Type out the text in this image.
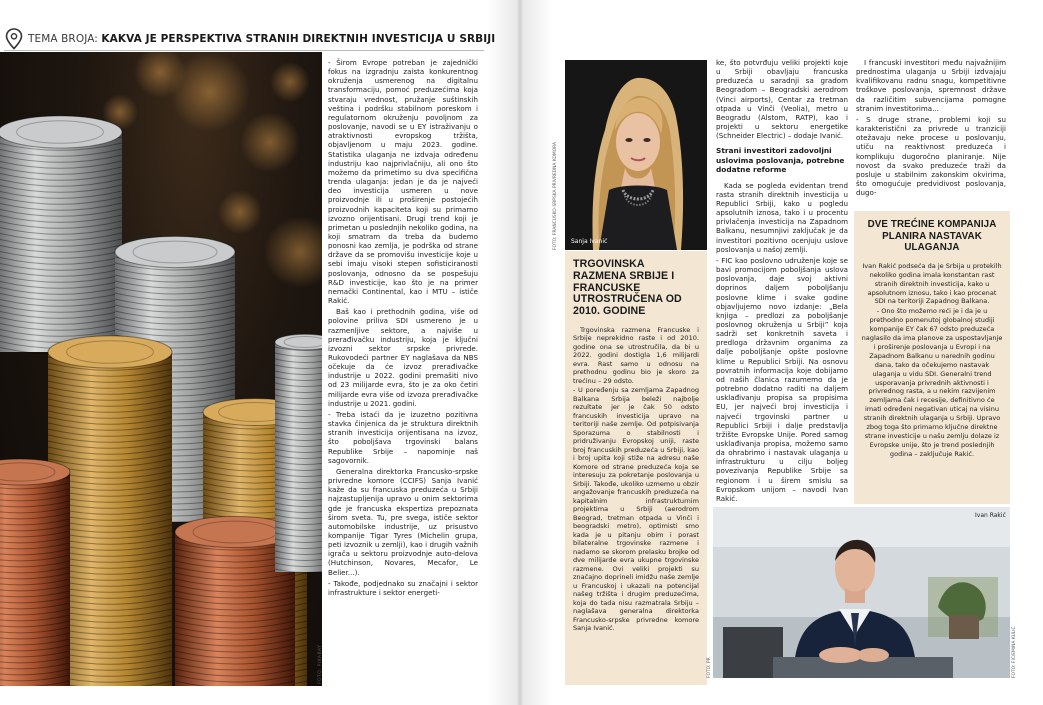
TEMA BROJA: KAKVA JE PERSPEKTIVA STRANIH DIREKTNIH INVESTICIJA U SRBIJI
FOTO: PIXABAY

- Širom Evrope potreban je zajednički fokus na izgradnju zaista konkurentnog okruženja usmerenog na digitalnu transformaciju, pomoć preduzećima koja stvaraju vrednost, pružanje suštinskih veština i podršku stabilnom poreskom i regulatornom okruženju povoljnom za poslovanje, navodi se u EY istraživanju o atraktivnosti evropskog tržišta, objavljenom u maju 2023. godine. Statistika ulaganja ne izdvaja određenu industriju kao najprivlačniju, ali ono što možemo da primetimo su dva specifična trenda ulaganja: jedan je da je najveći deo investicija usmeren u nove proizvodnje ili u proširenje postojećih proizvodnih kapaciteta koji su primarno izvozno orijentisani. Drugi trend koji je primetan u poslednjih nekoliko godina, na koji smatram da treba da budemo ponosni kao zemlja, je podrška od strane države da se promovišu investicije koje u sebi imaju visoki stepen sofisticiranosti poslovanja, odnosno da se pospešuju R&D investicije, kao što je na primer nemački Continental, kao i MTU – ističe Rakić.

Baš kao i prethodnih godina, više od polovine priliva SDI usmereno je u razmenljive sektore, a najviše u prerađivačku industriju, koja je ključni izvozni sektor srpske privrede. Rukovodeći partner EY naglašava da NBS očekuje da će izvoz prerađivačke industrije u 2022. godini premašiti nivo od 23 milijarde evra, što je za oko četiri milijarde evra više od izvoza prerađivačke industrije u 2021. godini.

- Treba istaći da je izuzetno pozitivna stavka činjenica da je struktura direktnih stranih investicija orijentisana na izvoz, što poboljšava trgovinski balans Republike Srbije – napominje naš sagovornik.

Generalna direktorka Francusko-srpske privredne komore (CCIFS) Sanja Ivanić kaže da su francuska preduzeća u Srbiji najzastupljenija upravo u onim sektorima gde je francuska ekspertiza prepoznata širom sveta. Tu, pre svega, ističe sektor automobilske industrije, uz prisustvo kompanije Tigar Tyres (Michelin grupa, peti izvoznik u zemlji), kao i drugih važnih igrača u sektoru proizvodnje auto-delova (Hutchinson, Novares, Mecafor, Le Belier...).

- Takođe, podjednako su značajni i sektor infrastrukture i sektor energeti-

Sanja Ivanić
FOTO: FRANCUSKO-SRPSKA PRIVREDNA KOMORA
TRGOVINSKA RAZMENA SRBIJE I FRANCUSKE UTROSTRUČENA OD 2010. GODINE

Trgovinska razmena Francuske i Srbije neprekidno raste i od 2010. godine ona se utrostručila, da bi u 2022. godini dostigla 1,6 milijardi evra. Rast samo u odnosu na prethodnu godinu bio je skoro za trećinu – 29 odsto.

- U poređenju sa zemljama Zapadnog Balkana Srbija beleži najbolje rezultate jer je čak 50 odsto francuskih investicija upravo na teritoriji naše zemlje. Od potpisivanja Sporazuma o stabilnosti i pridruživanju Evropskoj uniji, raste broj francuskih preduzeća u Srbiji, kao i broj upita koji stiže na adresu naše Komore od strane preduzeća koja se interesuju za pokretanje poslovanja u Srbiji. Takođe, ukoliko uzmemo u obzir angažovanje francuskih preduzeća na kapitalnim infrastrukturnim projektima u Srbiji (aerodrom Beograd, tretman otpada u Vinči i beogradski metro), optimisti smo kada je u pitanju obim i porast bilateralne trgovinske razmene i nadamo se skorom prelasku brojke od dve milijarde evra ukupne trgovinske razmene. Ovi veliki projekti su značajno doprineli imidžu naše zemlje u Francuskoj i ukazali na potencijal našeg tržišta i drugim preduzećima, koja do tada nisu razmatrala Srbiju – naglašava generalna direktorka Francusko-srpske privredne komore Sanja Ivanić.

ke, što potvrđuju veliki projekti koje u Srbiji obavljaju francuska preduzeća u saradnji sa gradom Beogradom – Beogradski aerodrom (Vinci airports), Centar za tretman otpada u Vinči (Veolia), metro u Beogradu (Alstom, RATP), kao i projekti u sektoru energetike (Schneider Electric) – dodaje Ivanić.

Strani investitori zadovoljni uslovima poslovanja, potrebne dodatne reforme

Kada se pogleda evidentan trend rasta stranih direktnih investicija u Republici Srbiji, kako u pogledu apsolutnih iznosa, tako i u procentu privlačenja investicija na Zapadnom Balkanu, nesumnjivi zaključak je da investitori pozitivno ocenjuju uslove poslovanja u našoj zemlji.

- FIC kao poslovno udruženje koje se bavi promocijom poboljšanja uslova poslovanja, daje svoj aktivni doprinos daljem poboljšanju poslovne klime i svake godine objavljujemo novo izdanje: „Bela knjiga – predlozi za poboljšanje poslovnog okruženja u Srbiji” koja sadrži set konkretnih saveta i predloga državnim organima za dalje poboljšanje opšte poslovne klime u Republici Srbiji. Na osnovu povratnih informacija koje dobijamo od naših članica razumemo da je potrebno dodatno raditi na daljem usklađivanju propisa sa propisima EU, jer najveći broj investicija i najveći trgovinski partner u Republici Srbiji i dalje predstavlja tržište Evropske Unije. Pored samog usklađivanja propisa, možemo samo da ohrabrimo i nastavak ulaganja u infrastrukturu u cilju boljeg povezivanja Republike Srbije sa regionom i u širem smislu sa Evropskom unijom – navodi Ivan Rakić.

I francuski investitori među najvažnijim prednostima ulaganja u Srbiji izdvajaju kvalifikovanu radnu snagu, kompetitivne troškove poslovanja, spremnost države da različitim subvencijama pomogne stranim investitorima...

- S druge strane, problemi koji su karakteristični za privrede u tranziciji otežavaju neke procese u poslovanju, utiču na reaktivnost preduzeća i komplikuju dugoročno planiranje. Nije novost da svako preduzeće traži da posluje u stabilnim zakonskim okvirima, što omogućuje predvidivost poslovanja, dugo-

DVE TREĆINE KOMPANIJA PLANIRA NASTAVAK ULAGANJA

Ivan Rakić podseća da je Srbija u protekilh nekoliko godina imala konstantan rast stranih direktnih investicija, kako u apsolutnom iznosu, tako i kao procenat SDI na teritoriji Zapadnog Balkana.

- Ono što možemo reći je i da je u prethodno pomenutoj globalnoj studiji kompanije EY čak 67 odsto preduzeća naglasilo da ima planove za uspostavljanje i proširenje poslovanja u Evropi i na Zapadnom Balkanu u narednih godinu dana, tako da očekujemo nastavak ulaganja u vidu SDI. Generalni trend usporavanja privrednih aktivnosti i privrednog rasta, a u nekim razvijenim zemljama čak i recesije, definitivno će imati određeni negativan uticaj na visinu stranih direktnih ulaganja u Srbiji. Upravo zbog toga što primarno ključne direktne strane investicije u našu zemlju dolaze iz Evropske unije, što je trend poslednjih godina – zaključuje Rakić.

Ivan Rakić
FOTO: PR	FOTO: FIC/EMINA KULIĆ
